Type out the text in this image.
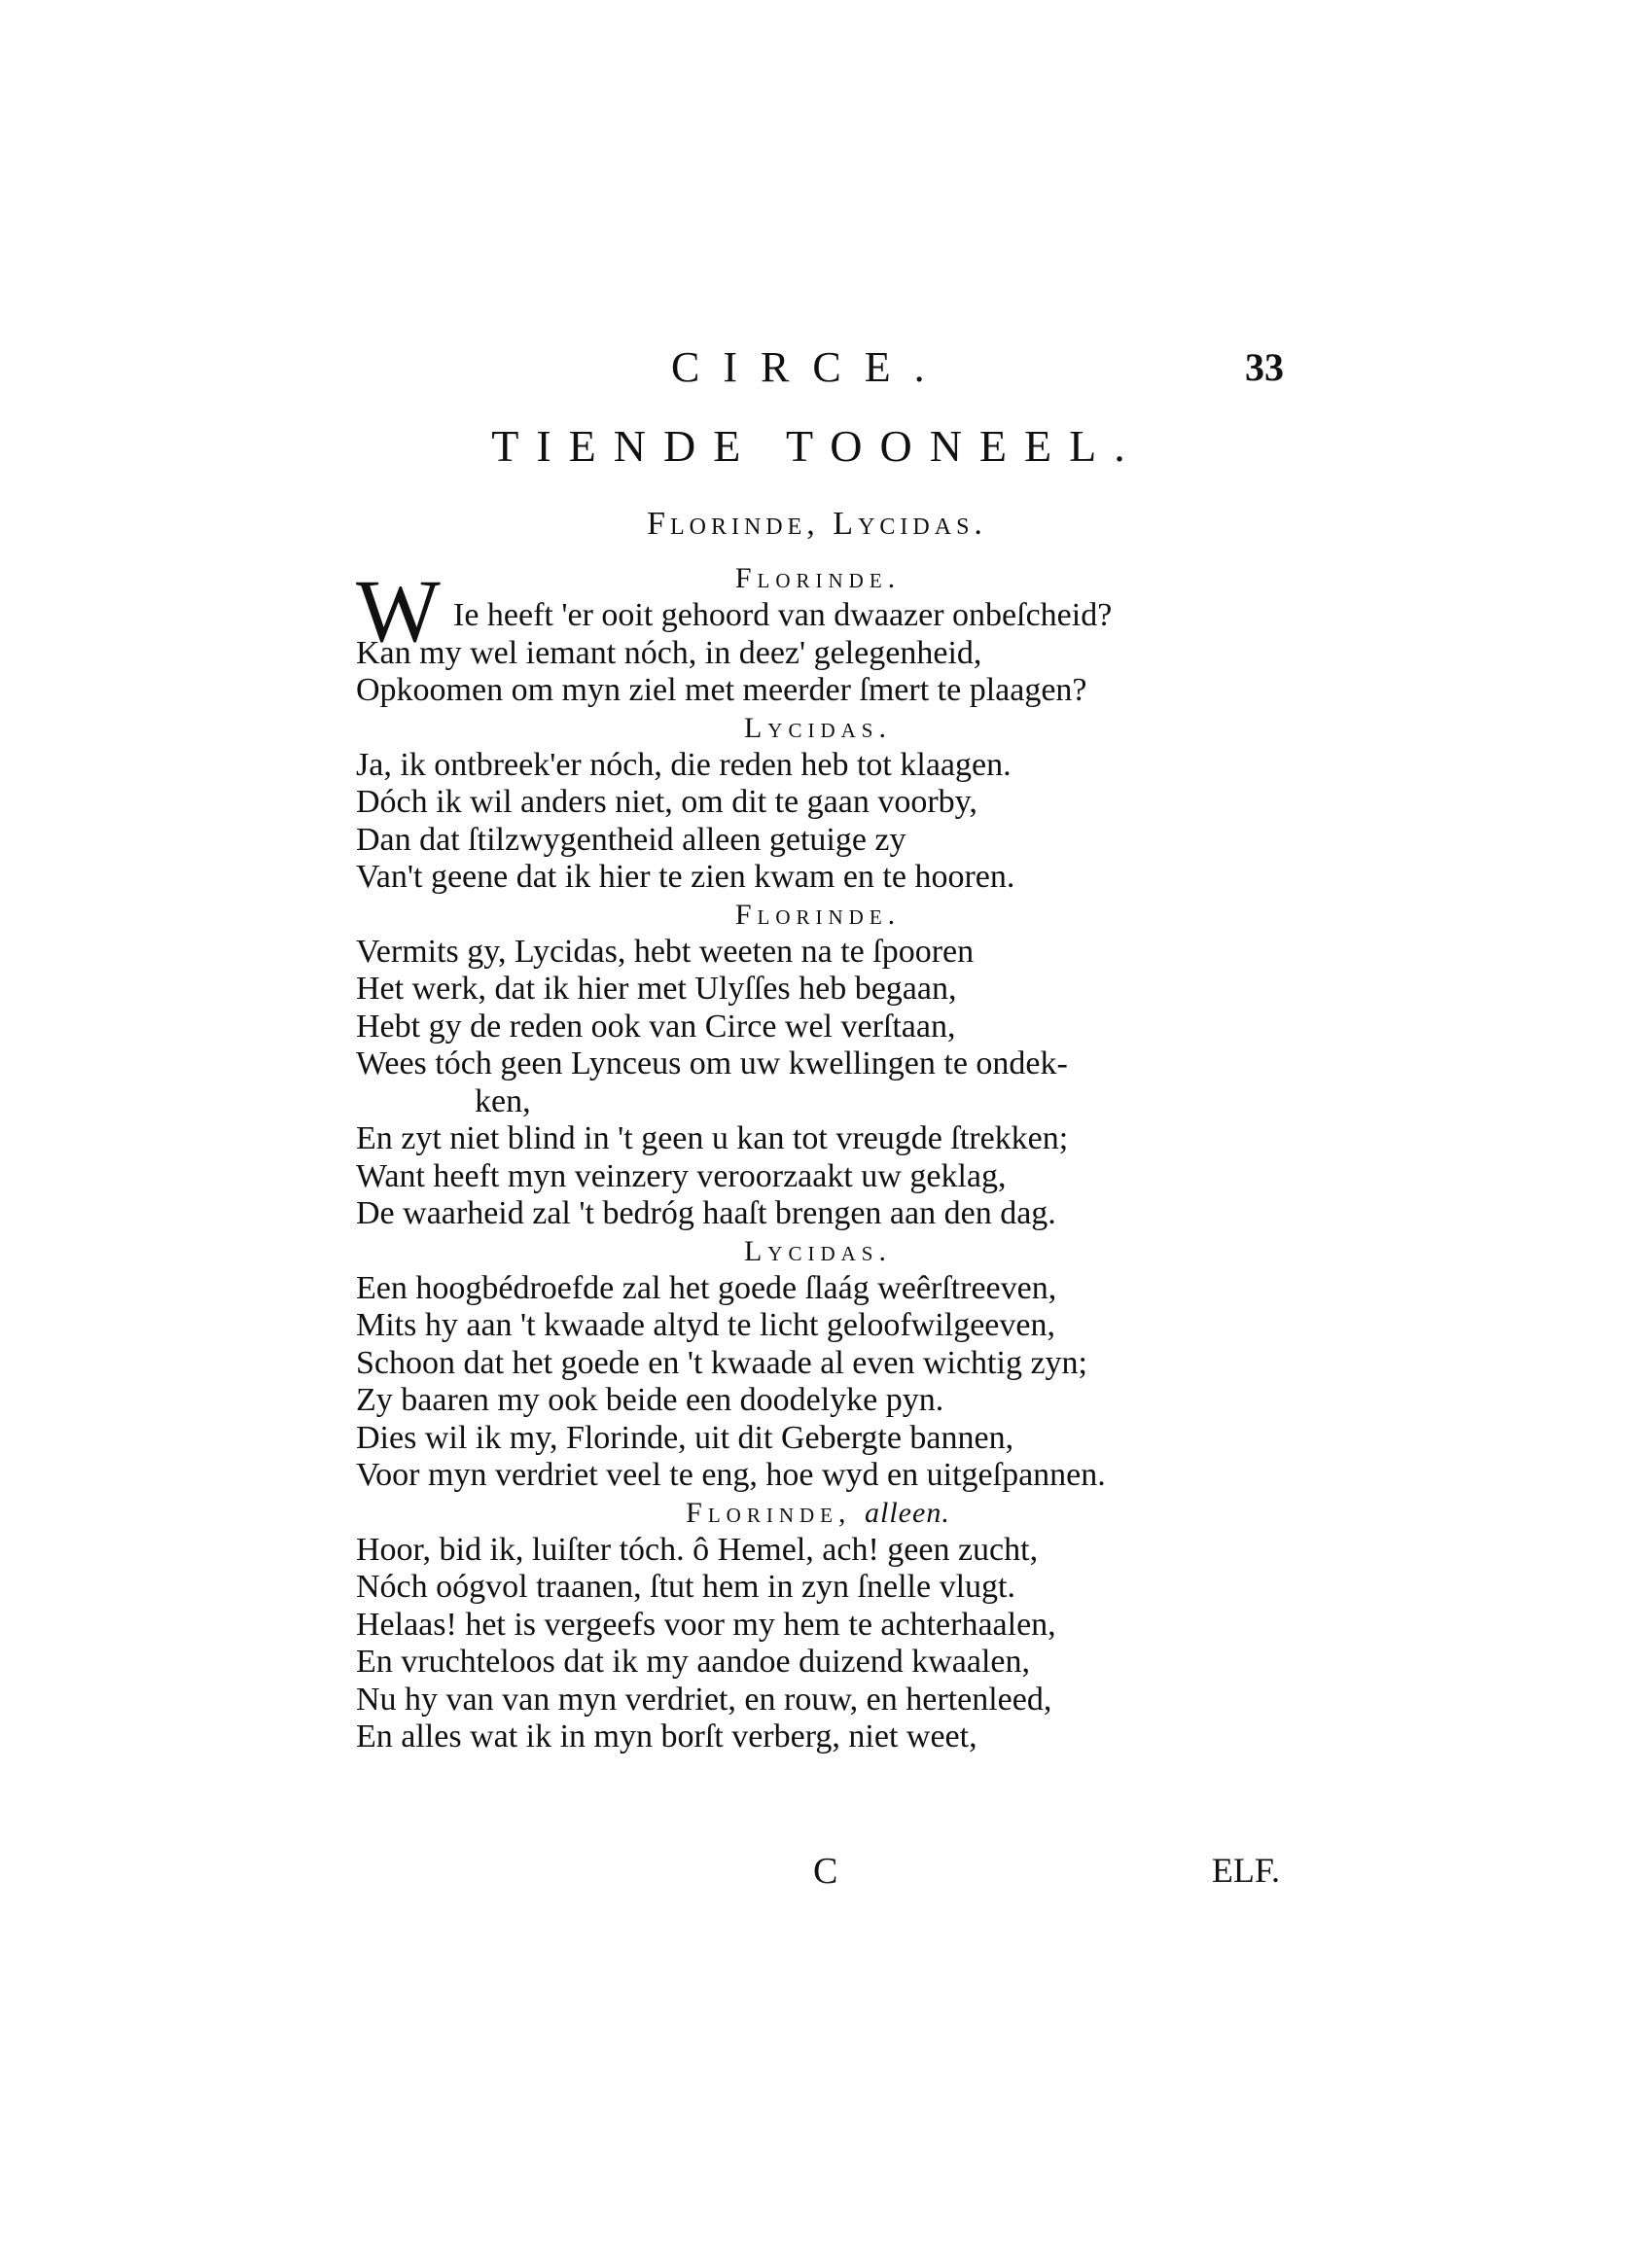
CIRCE.	33
TIENDE TOONEEL.
Florinde, Lycidas.
Florinde.
W Ie heeft 'er ooit gehoord van dwaazer onbeſcheid?
Kan my wel iemant nóch, in deez' gelegenheid,
Opkoomen om myn ziel met meerder ſmert te plaagen?
Lycidas.
Ja, ik ontbreek'er nóch, die reden heb tot klaagen.
Dóch ik wil anders niet, om dit te gaan voorby,
Dan dat ſtilzwygentheid alleen getuige zy
Van't geene dat ik hier te zien kwam en te hooren.
Florinde.
Vermits gy, Lycidas, hebt weeten na te ſpooren
Het werk, dat ik hier met Ulyſſes heb begaan,
Hebt gy de reden ook van Circe wel verſtaan,
Wees tóch geen Lynceus om uw kwellingen te ondek-
ken,
En zyt niet blind in 't geen u kan tot vreugde ſtrekken;
Want heeft myn veinzery veroorzaakt uw geklag,
De waarheid zal 't bedróg haaſt brengen aan den dag.
Lycidas.
Een hoogbédroefde zal het goede ſlaág weêrſtreeven,
Mits hy aan 't kwaade altyd te licht geloofwilgeeven,
Schoon dat het goede en 't kwaade al even wichtig zyn;
Zy baaren my ook beide een doodelyke pyn.
Dies wil ik my, Florinde, uit dit Gebergte bannen,
Voor myn verdriet veel te eng, hoe wyd en uitgeſpannen.
Florinde, alleen.
Hoor, bid ik, luiſter tóch. ô Hemel, ach! geen zucht,
Nóch oógvol traanen, ſtut hem in zyn ſnelle vlugt.
Helaas! het is vergeefs voor my hem te achterhaalen,
En vruchteloos dat ik my aandoe duizend kwaalen,
Nu hy van van myn verdriet, en rouw, en hertenleed,
En alles wat ik in myn borſt verberg, niet weet,
C	ELF.
